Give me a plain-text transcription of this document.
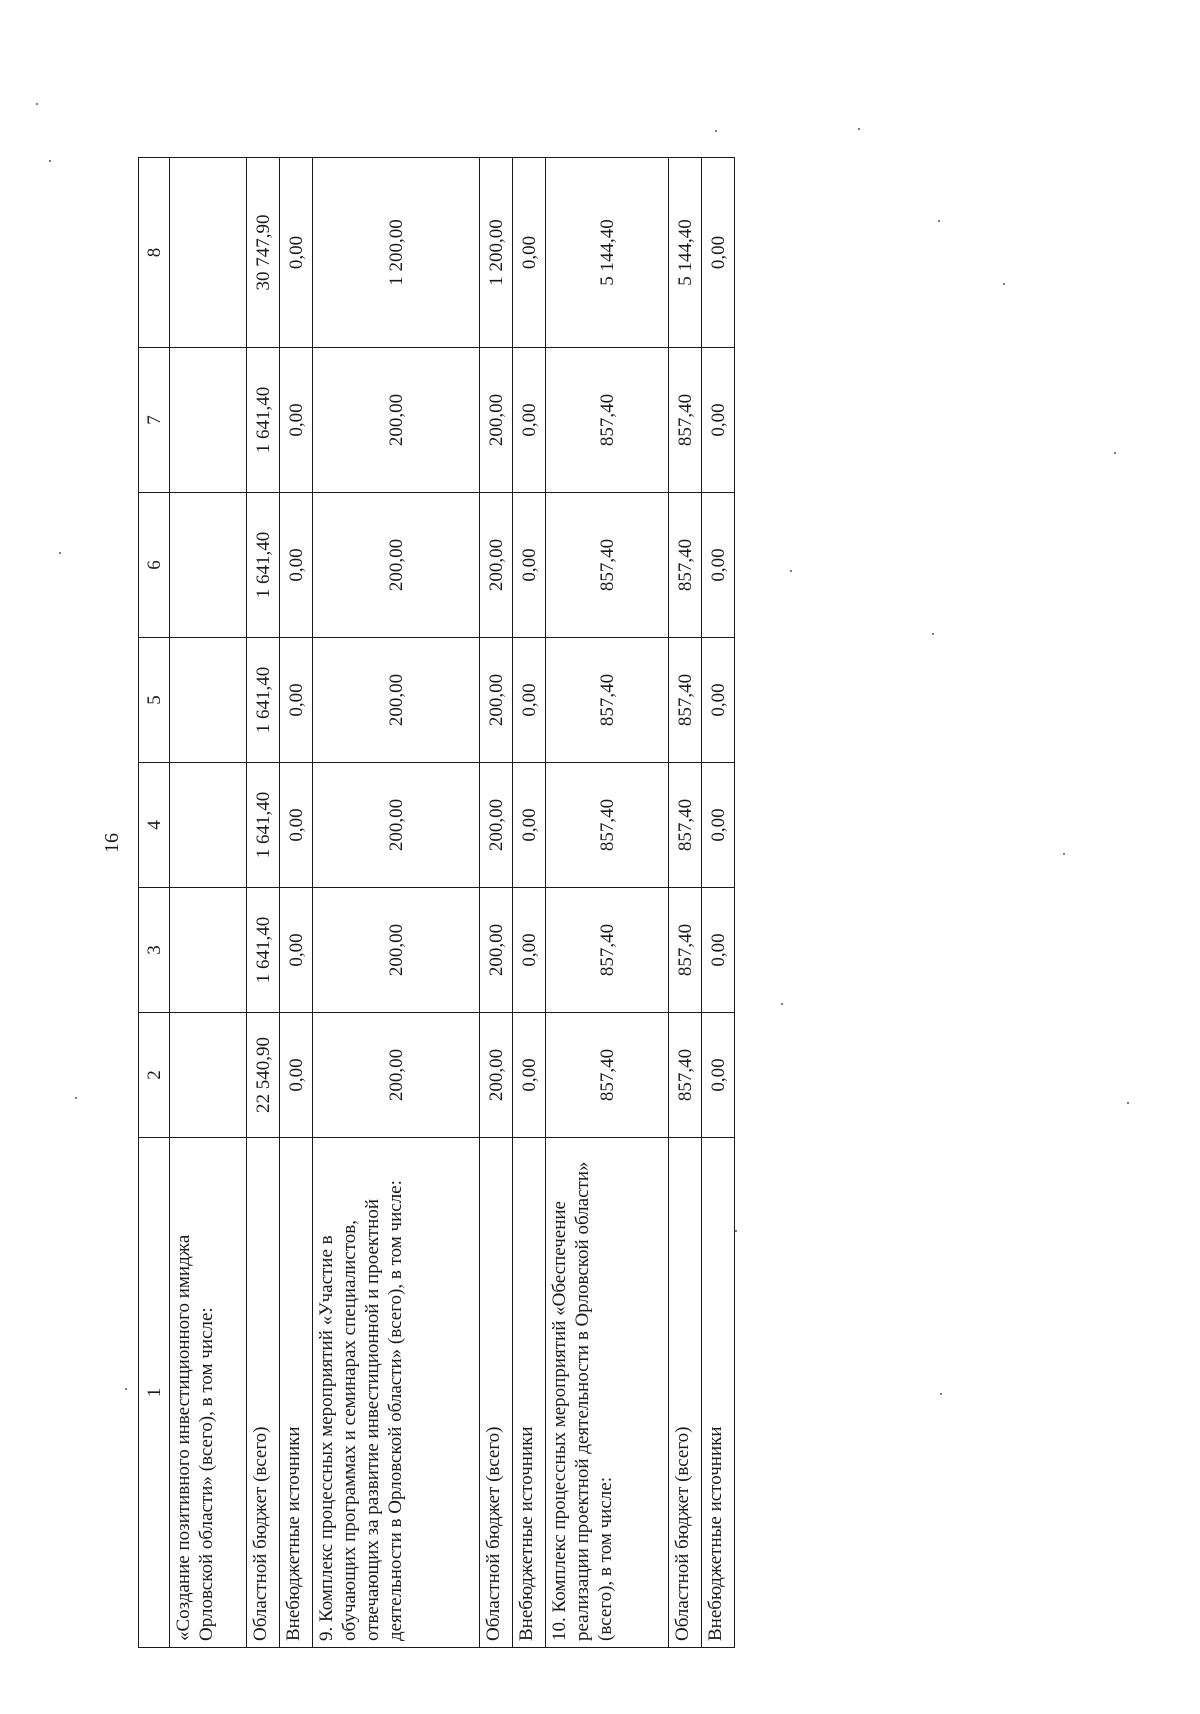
16
1	2	3	4	5	6	7	8
«Создание позитивного инвестиционного имиджа Орловской области» (всего), в том числе:							
Областной бюджет (всего)	22 540,90	1 641,40	1 641,40	1 641,40	1 641,40	1 641,40	30 747,90
Внебюджетные источники	0,00	0,00	0,00	0,00	0,00	0,00	0,00
9. Комплекс процессных мероприятий «Участие в обучающих программах и семинарах специалистов, отвечающих за развитие инвестиционной и проектной деятельности в Орловской области» (всего), в том числе:	200,00	200,00	200,00	200,00	200,00	200,00	1 200,00
Областной бюджет (всего)	200,00	200,00	200,00	200,00	200,00	200,00	1 200,00
Внебюджетные источники	0,00	0,00	0,00	0,00	0,00	0,00	0,00
10. Комплекс процессных мероприятий «Обеспечение реализации проектной деятельности в Орловской области» (всего), в том числе:	857,40	857,40	857,40	857,40	857,40	857,40	5 144,40
Областной бюджет (всего)	857,40	857,40	857,40	857,40	857,40	857,40	5 144,40
Внебюджетные источники	0,00	0,00	0,00	0,00	0,00	0,00	0,00
